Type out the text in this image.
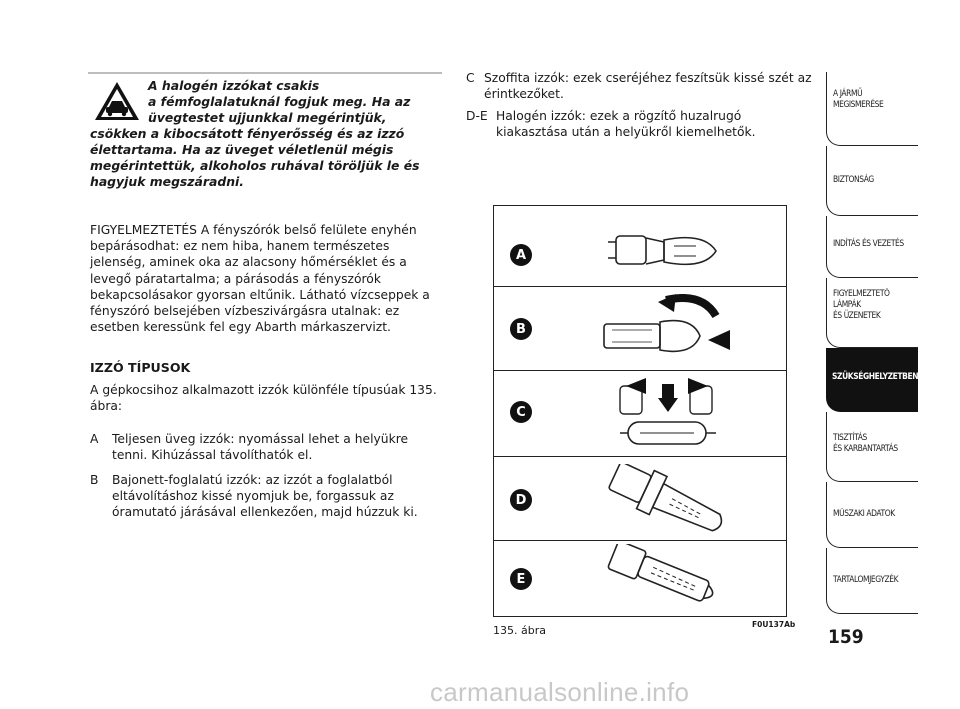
A halogén izzókat csakis
a fémfoglalatuknál fogjuk meg. Ha az
üvegtestet ujjunkkal megérintjük,
csökken a kibocsátott fényerősség és az izzó élettartama. Ha az üveget véletlenül mégis megérintettük, alkoholos ruhával töröljük le és hagyjuk megszáradni.
FIGYELMEZTETÉS A fényszórók belső felülete enyhén bepárásodhat: ez nem hiba, hanem természetes jelenség, aminek oka az alacsony hőmérséklet és a levegő páratartalma; a párásodás a fényszórók bekapcsolásakor gyorsan eltűnik. Látható vízcseppek a fényszóró belsejében vízbeszivárgásra utalnak: ez esetben keressünk fel egy Abarth márkaszervizt.
IZZÓ TÍPUSOK
A gépkocsihoz alkalmazott izzók különféle típusúak 135. ábra:
A	Teljesen üveg izzók: nyomással lehet a helyükre tenni. Kihúzással távolíthatók el.
B	Bajonett-foglalatú izzók: az izzót a foglalatból eltávolításhoz kissé nyomjuk be, forgassuk az óramutató járásával ellenkezően, majd húzzuk ki.
C Szoffita izzók: ezek cseréjéhez feszítsük kissé szét az érintkezőket.
D-E Halogén izzók: ezek a rögzítő huzalrugó kiakasztása után a helyükről kiemelhetők.
A
B
C
D
E
135. ábra	F0U137Ab
A JÁRMŰ
MEGISMERÉSE
BIZTONSÁG
INDÍTÁS ÉS VEZETÉS
FIGYELMEZTETŐ
LÁMPÁK
ÉS ÜZENETEK
SZÜKSÉGHELYZETBEN
TISZTÍTÁS
ÉS KARBANTARTÁS
MŰSZAKI ADATOK
TARTALOMJEGYZÉK
159
carmanualsonline.info
